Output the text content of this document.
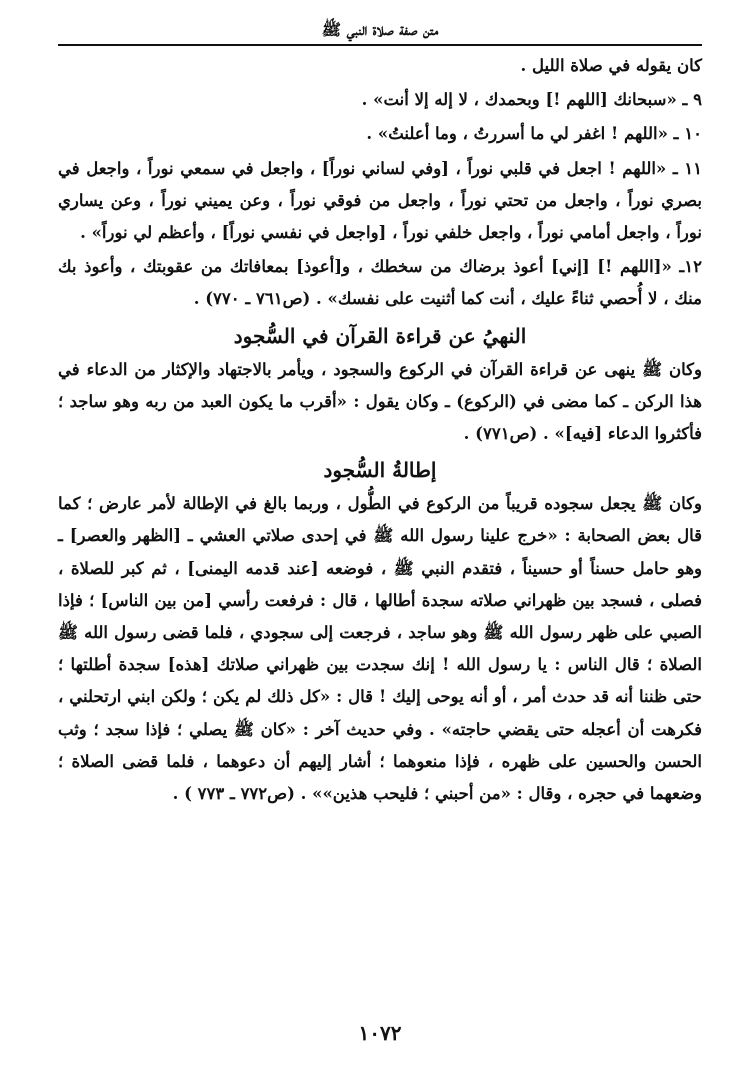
متن صفة صلاة النبي ﷺ

كان يقوله في صلاة الليل .

٩ ـ «سبحانك [اللهم !] وبحمدك ، لا إله إلا أنت» .

١٠ ـ «اللهم ! اغفر لي ما أسررتُ ، وما أعلنتُ» .

١١ ـ «اللهم ! اجعل في قلبي نوراً ، [وفي لساني نوراً] ، واجعل في سمعي نوراً ، واجعل في بصري نوراً ، واجعل من تحتي نوراً ، واجعل من فوقي نوراً ، وعن يميني نوراً ، وعن يساري نوراً ، واجعل أمامي نوراً ، واجعل خلفي نوراً ، [واجعل في نفسي نوراً] ، وأعظم لي نوراً» .

١٢ـ «[اللهم !] [إني] أعوذ برضاك من سخطك ، و[أعوذ] بمعافاتك من عقوبتك ، وأعوذ بك منك ، لا أُحصي ثناءً عليك ، أنت كما أثنيت على نفسك» . (ص٧٦١ ـ ٧٧٠) .

النهيُ عن قراءة القرآن في السُّجود

وكان ﷺ ينهى عن قراءة القرآن في الركوع والسجود ، ويأمر بالاجتهاد والإكثار من الدعاء في هذا الركن ـ كما مضى في (الركوع) ـ وكان يقول : «أقرب ما يكون العبد من ربه وهو ساجد ؛ فأكثروا الدعاء [فيه]» . (ص٧٧١) .

إطالةُ السُّجود

وكان ﷺ يجعل سجوده قريباً من الركوع في الطُّول ، وربما بالغ في الإطالة لأمر عارض ؛ كما قال بعض الصحابة : «خرج علينا رسول الله ﷺ في إحدى صلاتي العشي ـ [الظهر والعصر] ـ وهو حامل حسناً أو حسيناً ، فتقدم النبي ﷺ ، فوضعه [عند قدمه اليمنى] ، ثم كبر للصلاة ، فصلى ، فسجد بين ظهراني صلاته سجدة أطالها ، قال : فرفعت رأسي [من بين الناس] ؛ فإذا الصبي على ظهر رسول الله ﷺ وهو ساجد ، فرجعت إلى سجودي ، فلما قضى رسول الله ﷺ الصلاة ؛ قال الناس : يا رسول الله ! إنك سجدت بين ظهراني صلاتك [هذه] سجدة أطلتها ؛ حتى ظننا أنه قد حدث أمر ، أو أنه يوحى إليك ! قال : «كل ذلك لم يكن ؛ ولكن ابني ارتحلني ، فكرهت أن أعجله حتى يقضي حاجته» . وفي حديث آخر : «كان ﷺ يصلي ؛ فإذا سجد ؛ وثب الحسن والحسين على ظهره ، فإذا منعوهما ؛ أشار إليهم أن دعوهما ، فلما قضى الصلاة ؛ وضعهما في حجره ، وقال : «من أحبني ؛ فليحب هذين»» . (ص٧٧٢ ـ ٧٧٣ ) .

١٠٧٢
